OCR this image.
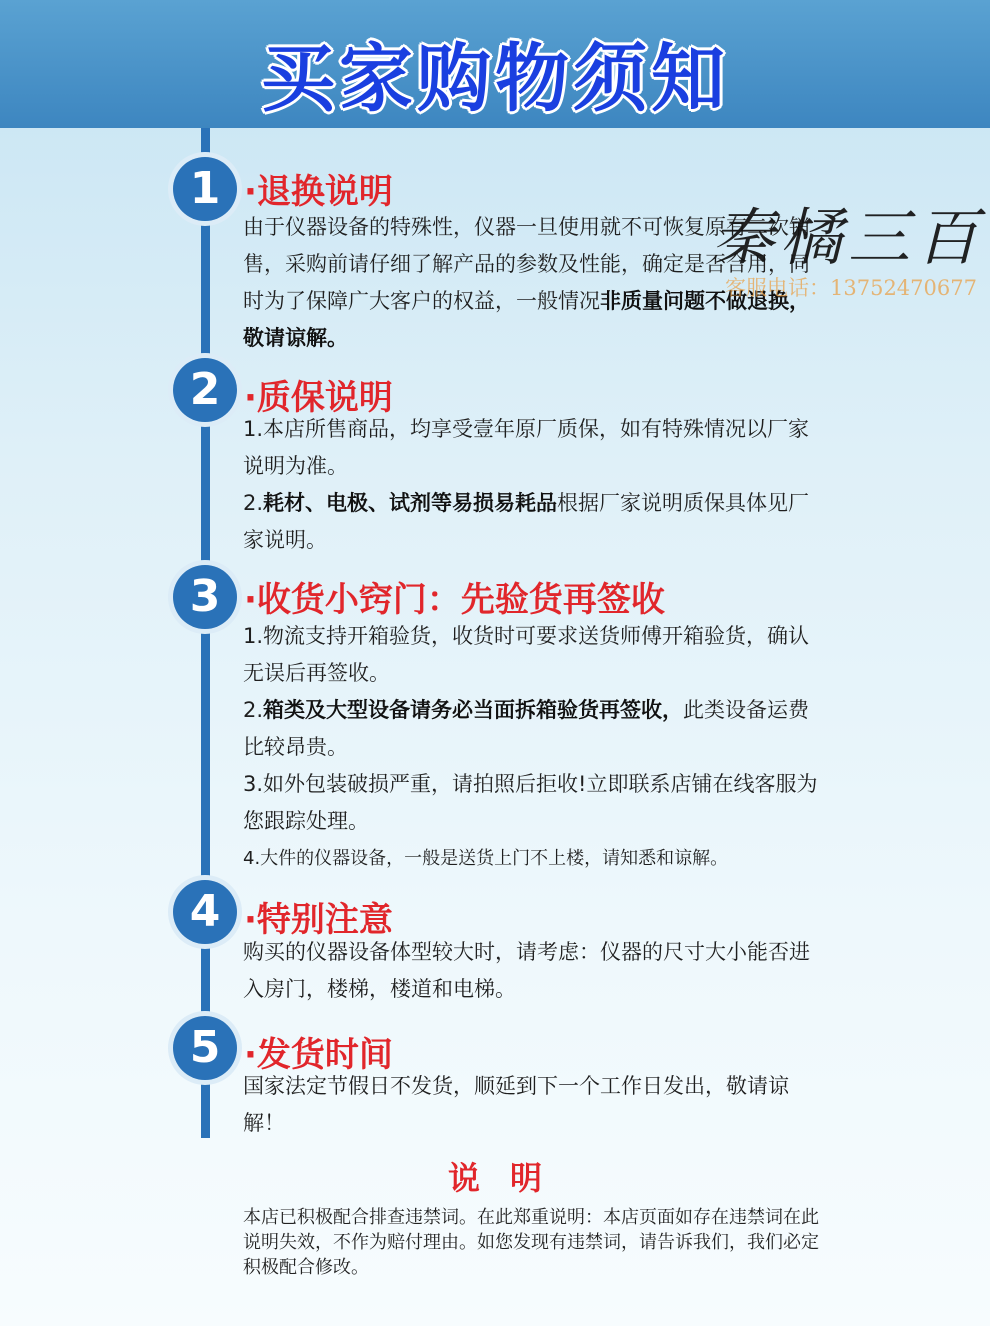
买家购物须知
1 ·退换说明
由于仪器设备的特殊性，仪器一旦使用就不可恢复原有二次销售，采购前请仔细了解产品的参数及性能，确定是否合用，同时为了保障广大客户的权益，一般情况非质量问题不做退换，敬请谅解。
2 ·质保说明
1.本店所售商品，均享受壹年原厂质保，如有特殊情况以厂家说明为准。
2.耗材、电极、试剂等易损易耗品根据厂家说明质保具体见厂家说明。
3 ·收货小窍门：先验货再签收
1.物流支持开箱验货，收货时可要求送货师傅开箱验货，确认无误后再签收。
2.箱类及大型设备请务必当面拆箱验货再签收，此类设备运费比较昂贵。
3.如外包装破损严重，请拍照后拒收!立即联系店铺在线客服为您跟踪处理。
4.大件的仪器设备，一般是送货上门不上楼，请知悉和谅解。
4 ·特别注意
购买的仪器设备体型较大时，请考虑：仪器的尺寸大小能否进入房门，楼梯，楼道和电梯。
5 ·发货时间
国家法定节假日不发货，顺延到下一个工作日发出，敬请谅解！
说明
本店已积极配合排查违禁词。在此郑重说明：本店页面如存在违禁词在此说明失效，不作为赔付理由。如您发现有违禁词，请告诉我们，我们必定积极配合修改。
秦橘三百
客服电话：13752470677
